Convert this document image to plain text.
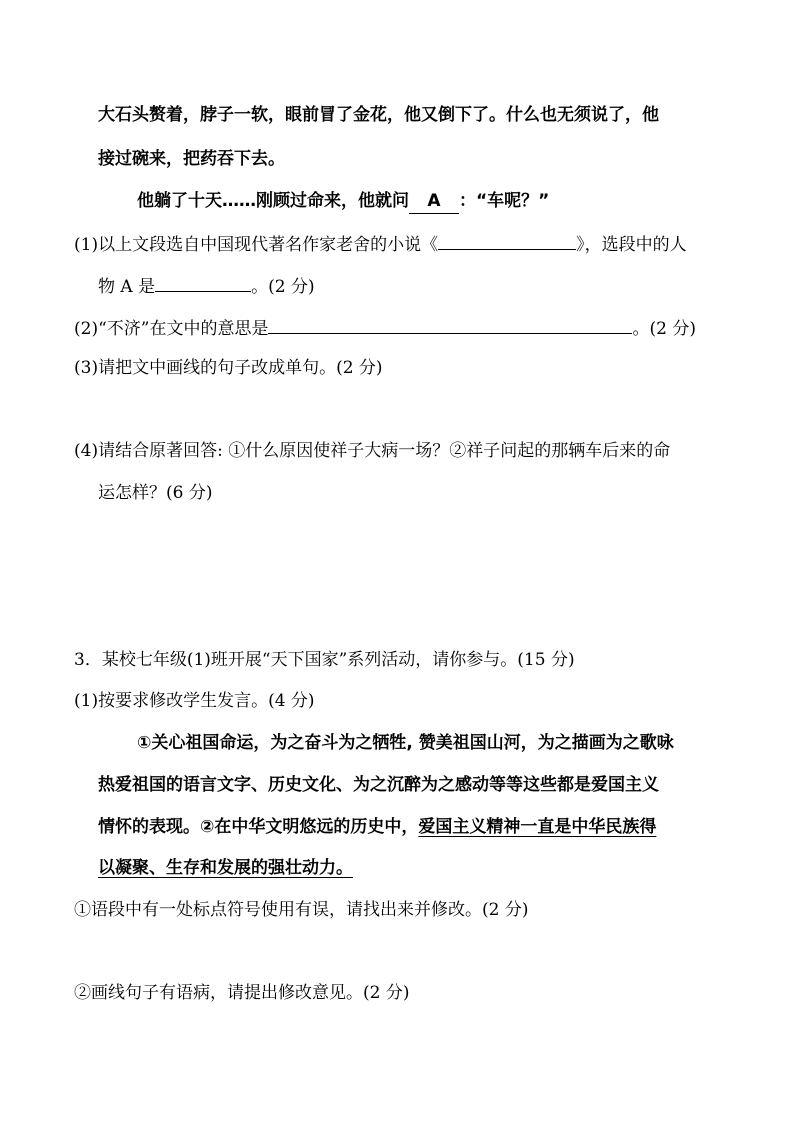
大石头赘着，脖子一软，眼前冒了金花，他又倒下了。什么也无须说了，他
接过碗来，把药吞下去。
他躺了十天……刚顾过命来，他就问 A ：“车呢？”
(1)以上文段选自中国现代著名作家老舍的小说《	》，选段中的人
物 A 是	。(2 分)
(2)“不济”在文中的意思是	。(2 分)
(3)请把文中画线的句子改成单句。(2 分)
(4)请结合原著回答: ①什么原因使祥子大病一场？②祥子问起的那辆车后来的命
运怎样？(6 分)
3．某校七年级(1)班开展“天下国家”系列活动，请你参与。(15 分)
(1)按要求修改学生发言。(4 分)
①关心祖国命运，为之奋斗为之牺牲, 赞美祖国山河，为之描画为之歌咏
热爱祖国的语言文字、历史文化、为之沉醉为之感动等等这些都是爱国主义
情怀的表现。②在中华文明悠远的历史中，爱国主义精神一直是中华民族得
以凝聚、生存和发展的强壮动力。
①语段中有一处标点符号使用有误，请找出来并修改。(2 分)
②画线句子有语病，请提出修改意见。(2 分)
